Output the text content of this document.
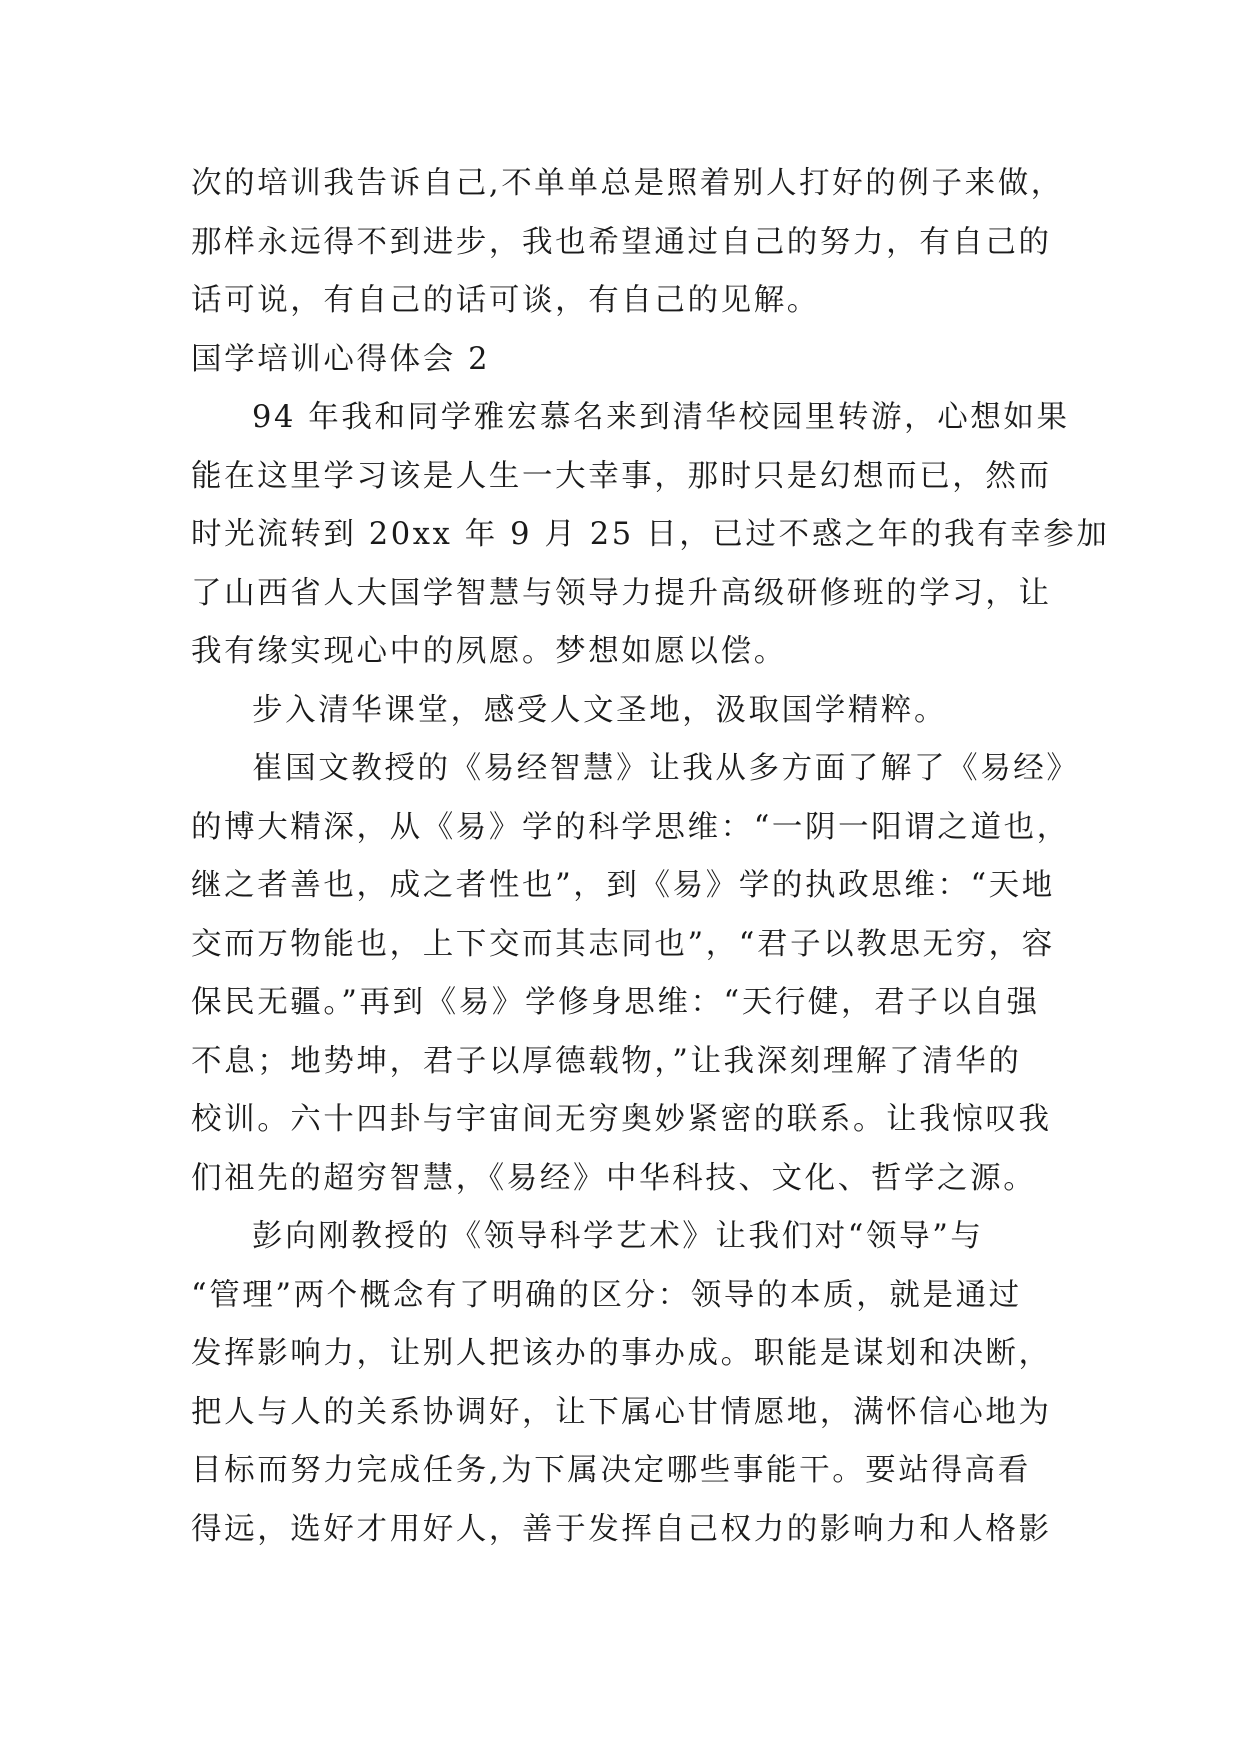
次的培训我告诉自己,不单单总是照着别人打好的例子来做，
那样永远得不到进步，我也希望通过自己的努力，有自己的
话可说，有自己的话可谈，有自己的见解。
国学培训心得体会 2
94 年我和同学雅宏慕名来到清华校园里转游，心想如果
能在这里学习该是人生一大幸事，那时只是幻想而已，然而
时光流转到 20xx 年 9 月 25 日，已过不惑之年的我有幸参加
了山西省人大国学智慧与领导力提升高级研修班的学习，让
我有缘实现心中的夙愿。梦想如愿以偿。
步入清华课堂，感受人文圣地，汲取国学精粹。
崔国文教授的《易经智慧》让我从多方面了解了《易经》
的博大精深，从《易》学的科学思维：“一阴一阳谓之道也，
继之者善也，成之者性也”，到《易》学的执政思维：“天地
交而万物能也，上下交而其志同也”，“君子以教思无穷，容
保民无疆。”再到《易》学修身思维：“天行健，君子以自强
不息；地势坤，君子以厚德载物，”让我深刻理解了清华的
校训。六十四卦与宇宙间无穷奥妙紧密的联系。让我惊叹我
们祖先的超穷智慧，《易经》中华科技、文化、哲学之源。
彭向刚教授的《领导科学艺术》让我们对“领导”与
“管理”两个概念有了明确的区分：领导的本质，就是通过
发挥影响力，让别人把该办的事办成。职能是谋划和决断，
把人与人的关系协调好，让下属心甘情愿地，满怀信心地为
目标而努力完成任务,为下属决定哪些事能干。要站得高看
得远，选好才用好人，善于发挥自己权力的影响力和人格影
